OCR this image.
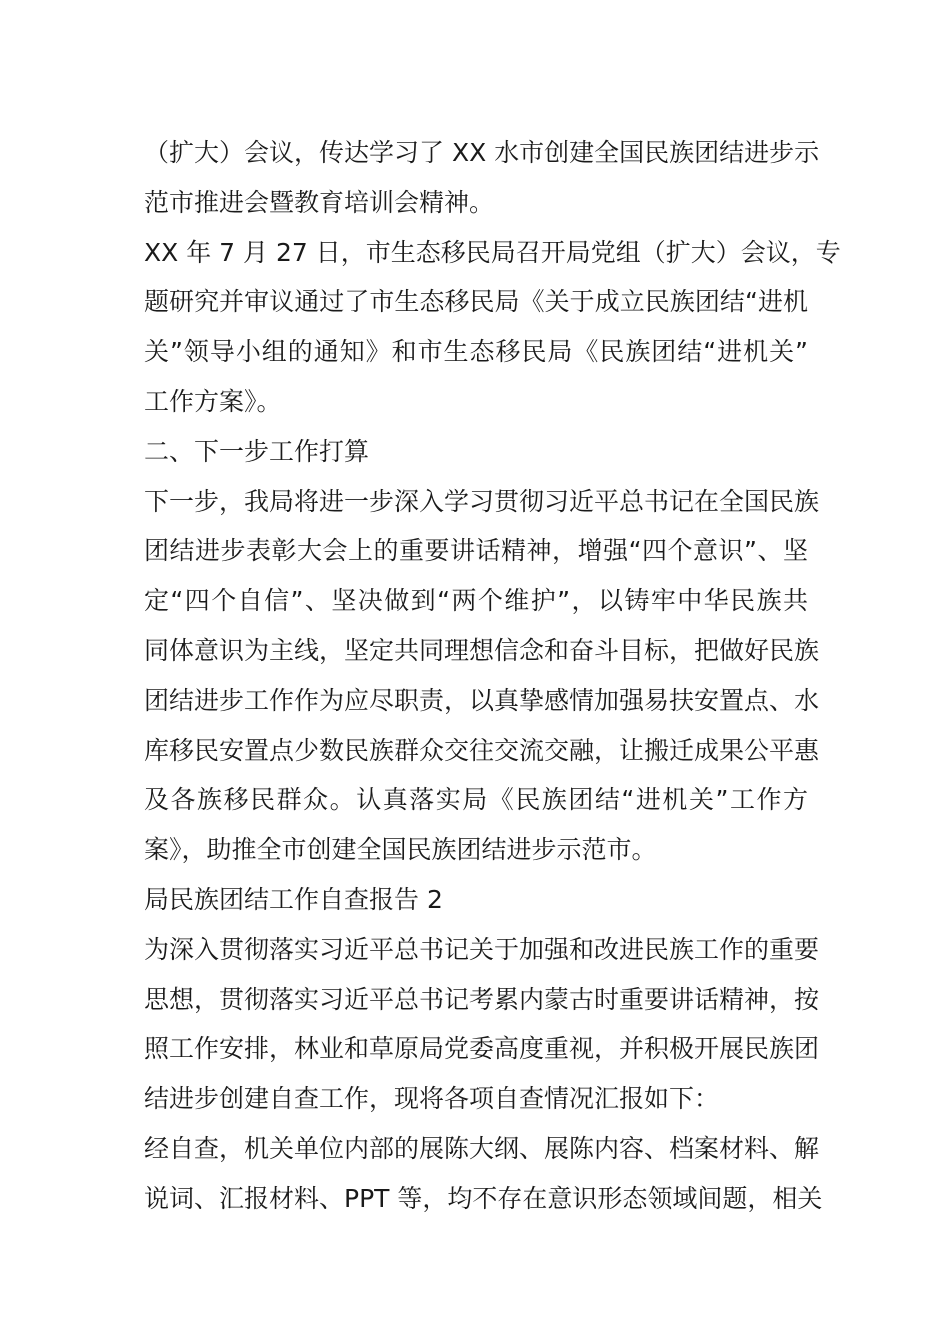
（扩大）会议，传达学习了 XX 水市创建全国民族团结进步示
范市推进会暨教育培训会精神。
XX 年 7 月 27 日，市生态移民局召开局党组（扩大）会议，专
题研究并审议通过了市生态移民局《关于成立民族团结“进机
关”领导小组的通知》和市生态移民局《民族团结“进机关”
工作方案》。
二、下一步工作打算
下一步，我局将进一步深入学习贯彻习近平总书记在全国民族
团结进步表彰大会上的重要讲话精神，增强“四个意识”、坚
定“四个自信”、坚决做到“两个维护”，以铸牢中华民族共
同体意识为主线，坚定共同理想信念和奋斗目标，把做好民族
团结进步工作作为应尽职责，以真挚感情加强易扶安置点、水
库移民安置点少数民族群众交往交流交融，让搬迁成果公平惠
及各族移民群众。认真落实局《民族团结“进机关”工作方
案》，助推全市创建全国民族团结进步示范市。
局民族团结工作自查报告 2
为深入贯彻落实习近平总书记关于加强和改进民族工作的重要
思想，贯彻落实习近平总书记考累内蒙古时重要讲话精神，按
照工作安排，林业和草原局党委高度重视，并积极开展民族团
结进步创建自查工作，现将各项自查情况汇报如下：
经自查，机关单位内部的展陈大纲、展陈内容、档案材料、解
说词、汇报材料、PPT 等，均不存在意识形态领域间题，相关
